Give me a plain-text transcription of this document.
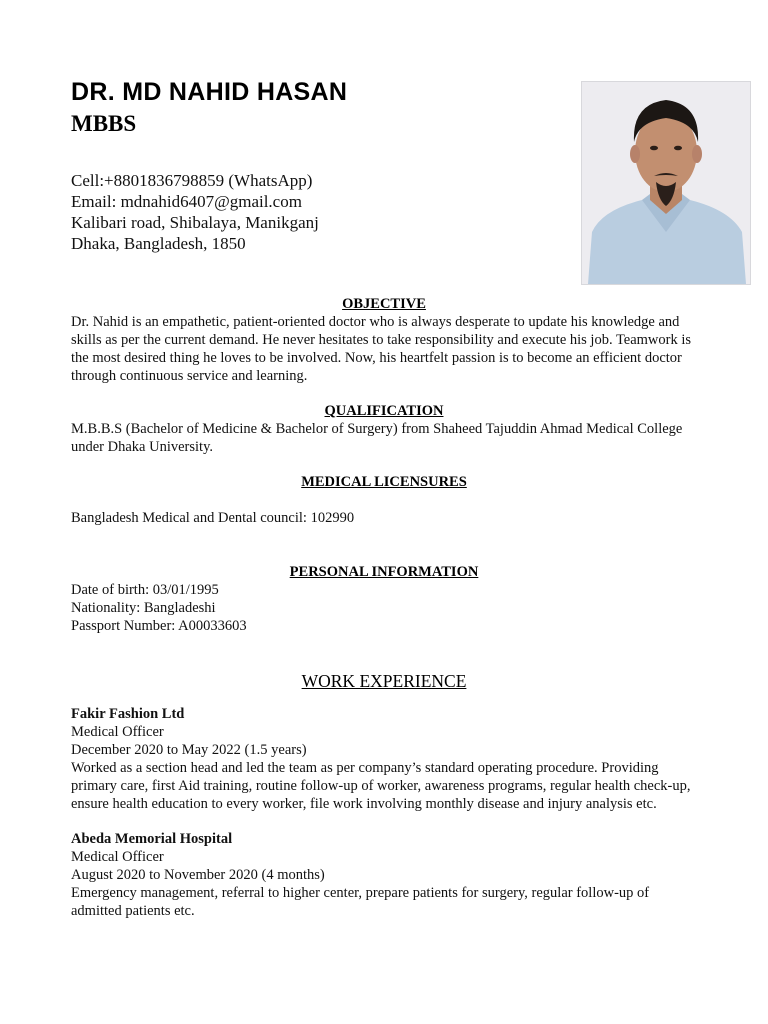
DR. MD NAHID HASAN
MBBS
Cell:+8801836798859 (WhatsApp)
Email: mdnahid6407@gmail.com
Kalibari road, Shibalaya, Manikganj
Dhaka, Bangladesh, 1850
OBJECTIVE

Dr. Nahid is an empathetic, patient-oriented doctor who is always desperate to update his knowledge and skills as per the current demand. He never hesitates to take responsibility and execute his job. Teamwork is the most desired thing he loves to be involved. Now, his heartfelt passion is to become an efficient doctor through continuous service and learning.

QUALIFICATION

M.B.B.S (Bachelor of Medicine & Bachelor of Surgery) from Shaheed Tajuddin Ahmad Medical College under Dhaka University.

MEDICAL LICENSURES

Bangladesh Medical and Dental council: 102990

PERSONAL INFORMATION
Date of birth: 03/01/1995
Nationality: Bangladeshi
Passport Number: A00033603
WORK EXPERIENCE
Fakir Fashion Ltd
Medical Officer
December 2020 to May 2022 (1.5 years)

Worked as a section head and led the team as per company’s standard operating procedure. Providing primary care, first Aid training, routine follow-up of worker, awareness programs, regular health check-up, ensure health education to every worker, file work involving monthly disease and injury analysis etc.

Abeda Memorial Hospital
Medical Officer
August 2020 to November 2020 (4 months)

Emergency management, referral to higher center, prepare patients for surgery, regular follow-up of admitted patients etc.
